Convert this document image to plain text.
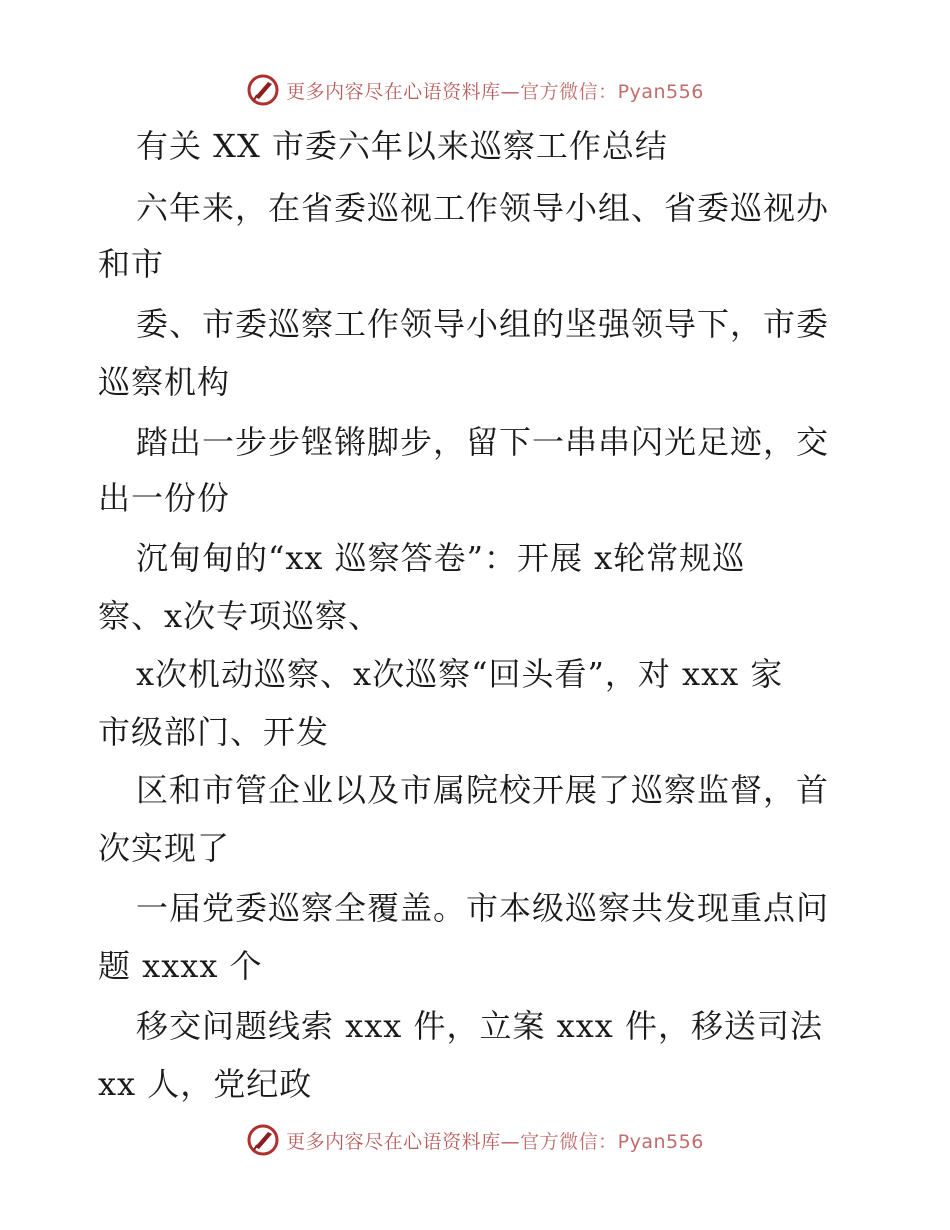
更多内容尽在心语资料库—官方微信：Pyan556
有关 XX 市委六年以来巡察工作总结
六年来，在省委巡视工作领导小组、省委巡视办
和市
委、市委巡察工作领导小组的坚强领导下，市委
巡察机构
踏出一步步铿锵脚步，留下一串串闪光足迹，交
出一份份
沉甸甸的“xx 巡察答卷”：开展 x轮常规巡
察、x次专项巡察、
x次机动巡察、x次巡察“回头看”，对 xxx 家
市级部门、开发
区和市管企业以及市属院校开展了巡察监督，首
次实现了
一届党委巡察全覆盖。市本级巡察共发现重点问
题 xxxx 个
移交问题线索 xxx 件，立案 xxx 件，移送司法
xx 人，党纪政
更多内容尽在心语资料库—官方微信：Pyan556
